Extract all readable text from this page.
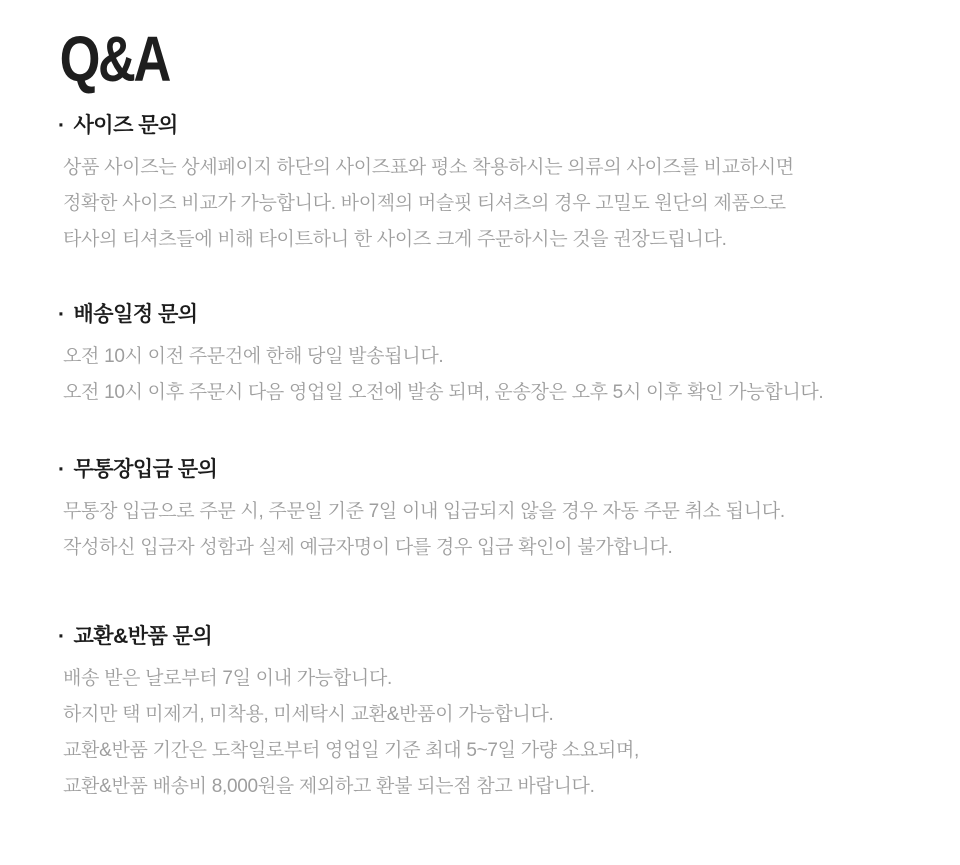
Q&A
· 사이즈 문의

상품 사이즈는 상세페이지 하단의 사이즈표와 평소 착용하시는 의류의 사이즈를 비교하시면

정확한 사이즈 비교가 가능합니다. 바이젝의 머슬핏 티셔츠의 경우 고밀도 원단의 제품으로

타사의 티셔츠들에 비해 타이트하니 한 사이즈 크게 주문하시는 것을 권장드립니다.

· 배송일정 문의

오전 10시 이전 주문건에 한해 당일 발송됩니다.

오전 10시 이후 주문시 다음 영업일 오전에 발송 되며, 운송장은 오후 5시 이후 확인 가능합니다.

· 무통장입금 문의

무통장 입금으로 주문 시, 주문일 기준 7일 이내 입금되지 않을 경우 자동 주문 취소 됩니다.

작성하신 입금자 성함과 실제 예금자명이 다를 경우 입금 확인이 불가합니다.

· 교환&반품 문의

배송 받은 날로부터 7일 이내 가능합니다.

하지만 택 미제거, 미착용, 미세탁시 교환&반품이 가능합니다.

교환&반품 기간은 도착일로부터 영업일 기준 최대 5~7일 가량 소요되며,

교환&반품 배송비 8,000원을 제외하고 환불 되는점 참고 바랍니다.
